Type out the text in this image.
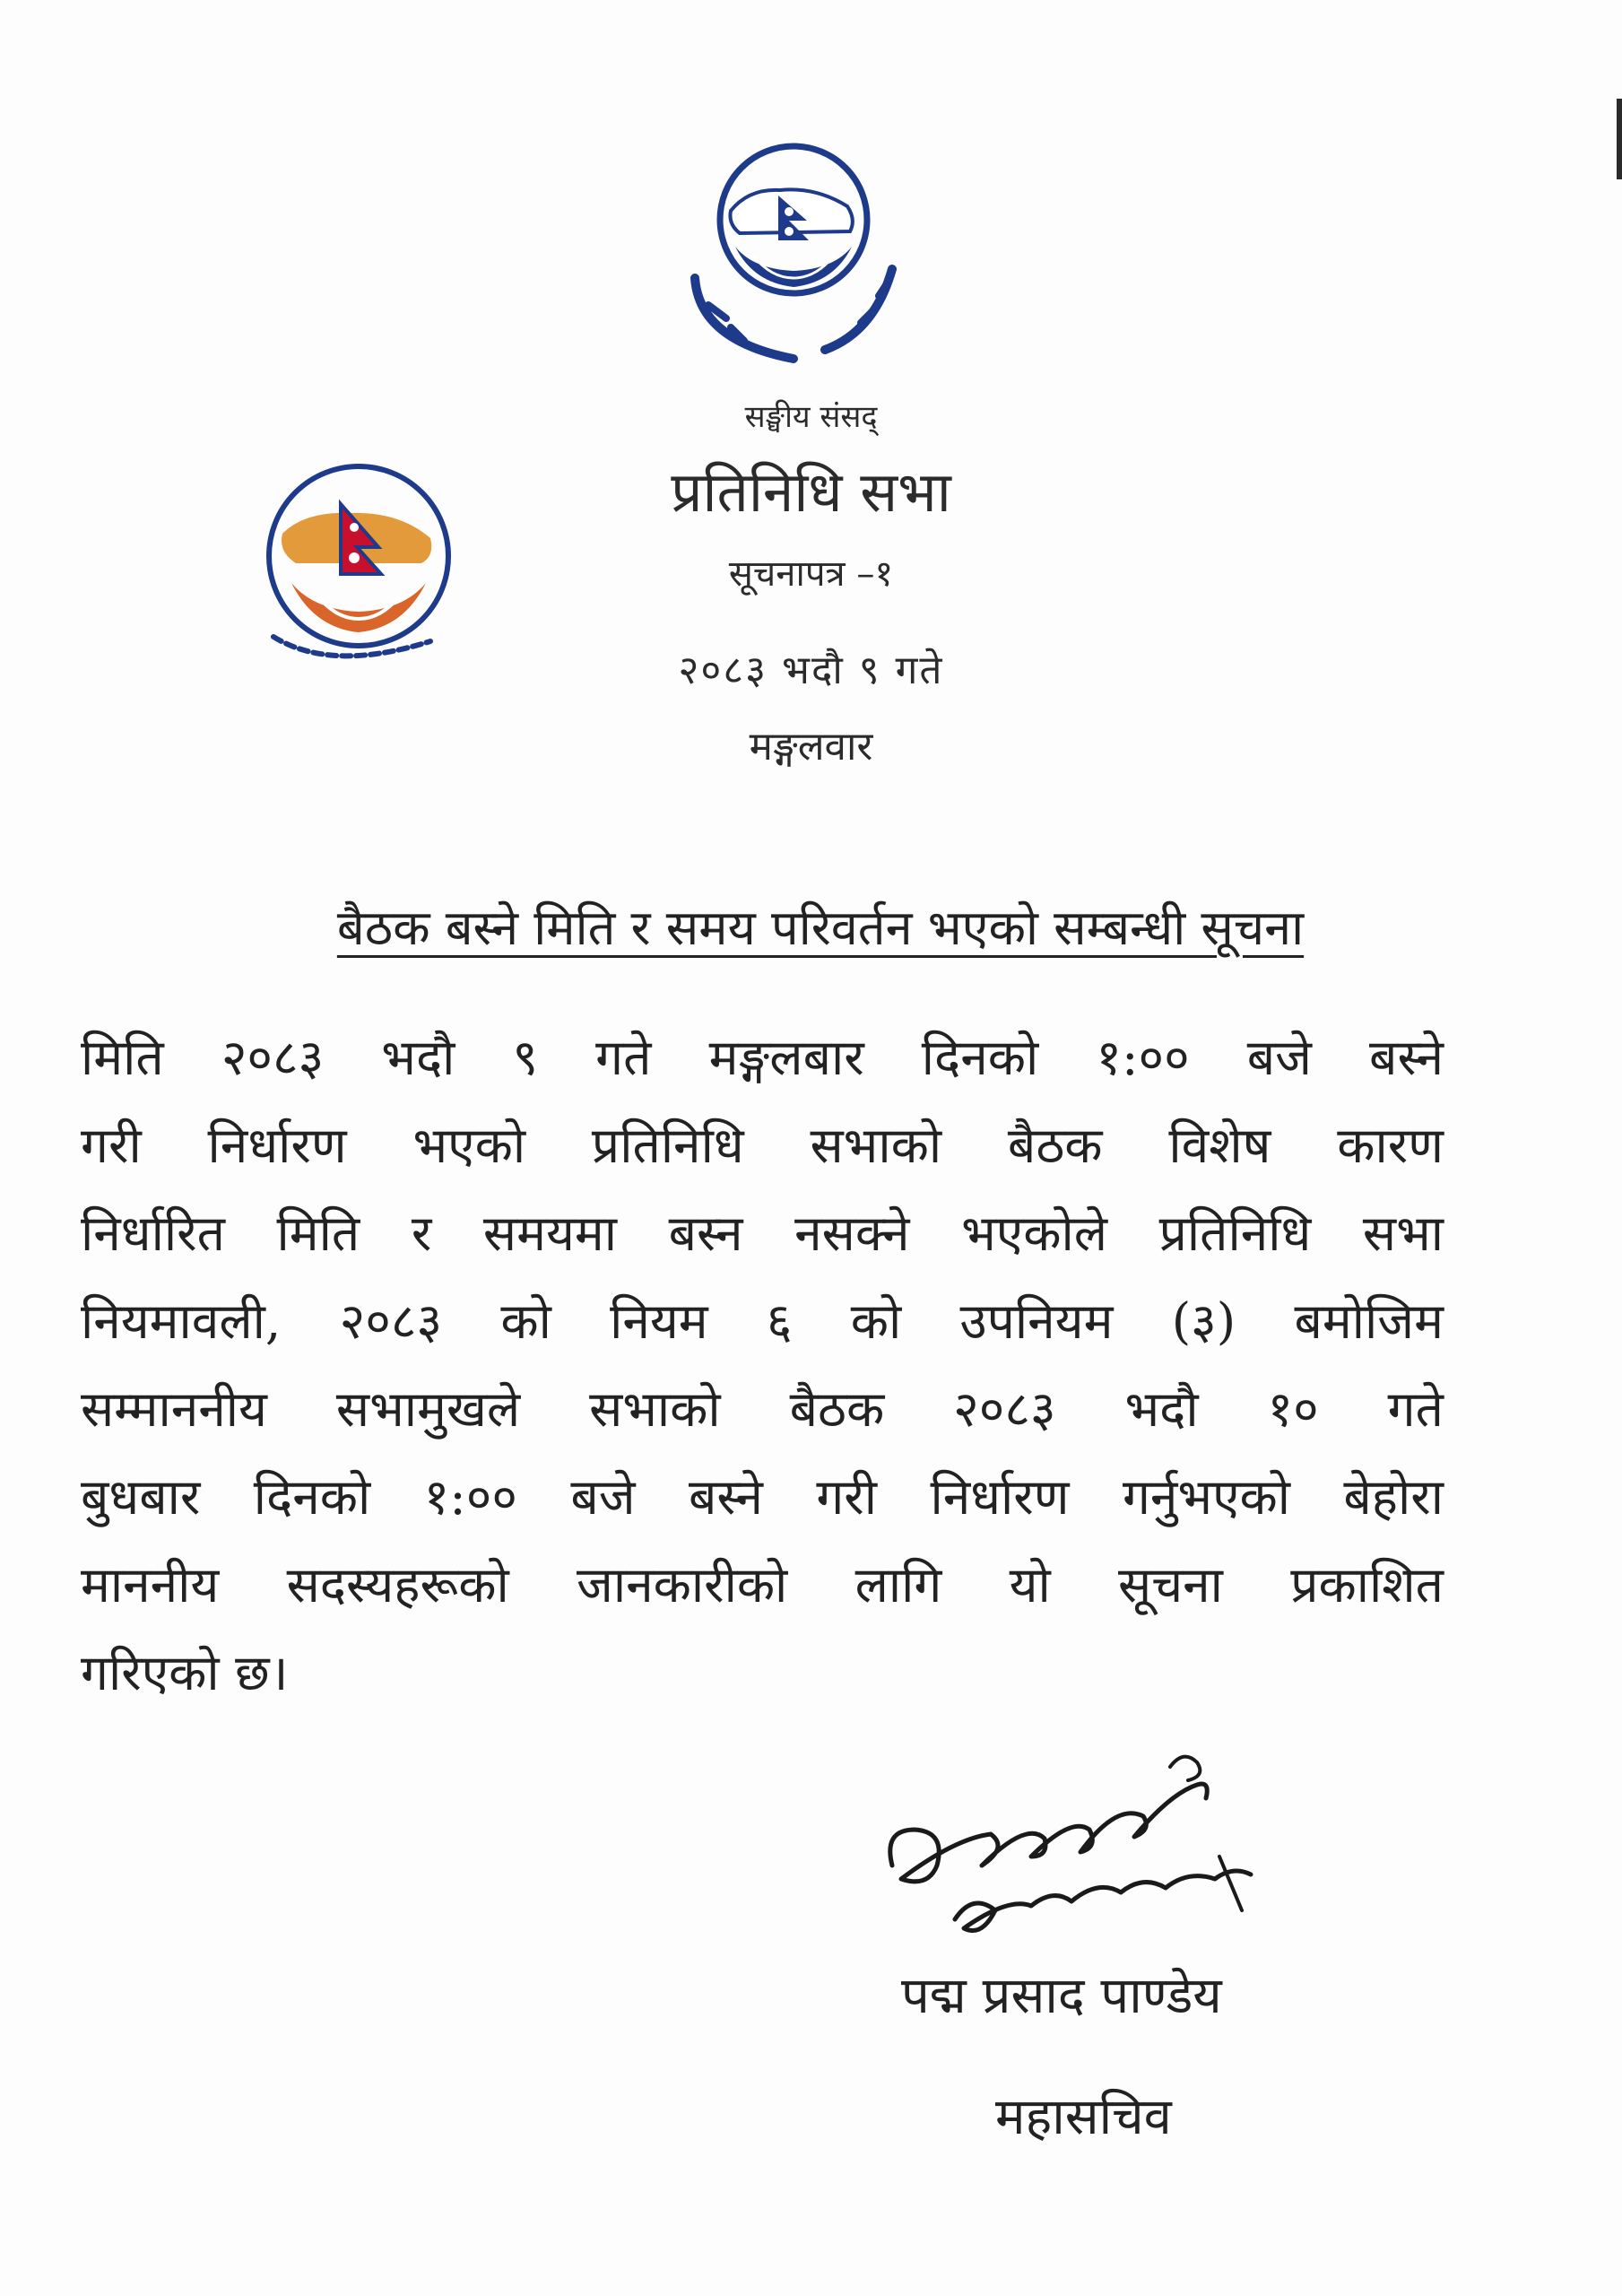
सङ्घीय संसद्
प्रतिनिधि सभा
सूचनापत्र –१
२०८३ भदौ ९ गते
मङ्गलवार
बैठक बस्ने मिति र समय परिवर्तन भएको सम्बन्धी सूचना
मिति २०८३ भदौ ९ गते मङ्गलबार दिनको १:०० बजे बस्ने
गरी निर्धारण भएको प्रतिनिधि सभाको बैठक विशेष कारण
निर्धारित मिति र समयमा बस्न नसक्ने भएकोले प्रतिनिधि सभा
नियमावली, २०८३ को नियम ६ को उपनियम (३) बमोजिम
सम्माननीय सभामुखले सभाको बैठक २०८३ भदौ १० गते
बुधबार दिनको १:०० बजे बस्ने गरी निर्धारण गर्नुभएको बेहोरा
माननीय सदस्यहरूको जानकारीको लागि यो सूचना प्रकाशित
गरिएको छ।
पद्म प्रसाद पाण्डेय
महासचिव
